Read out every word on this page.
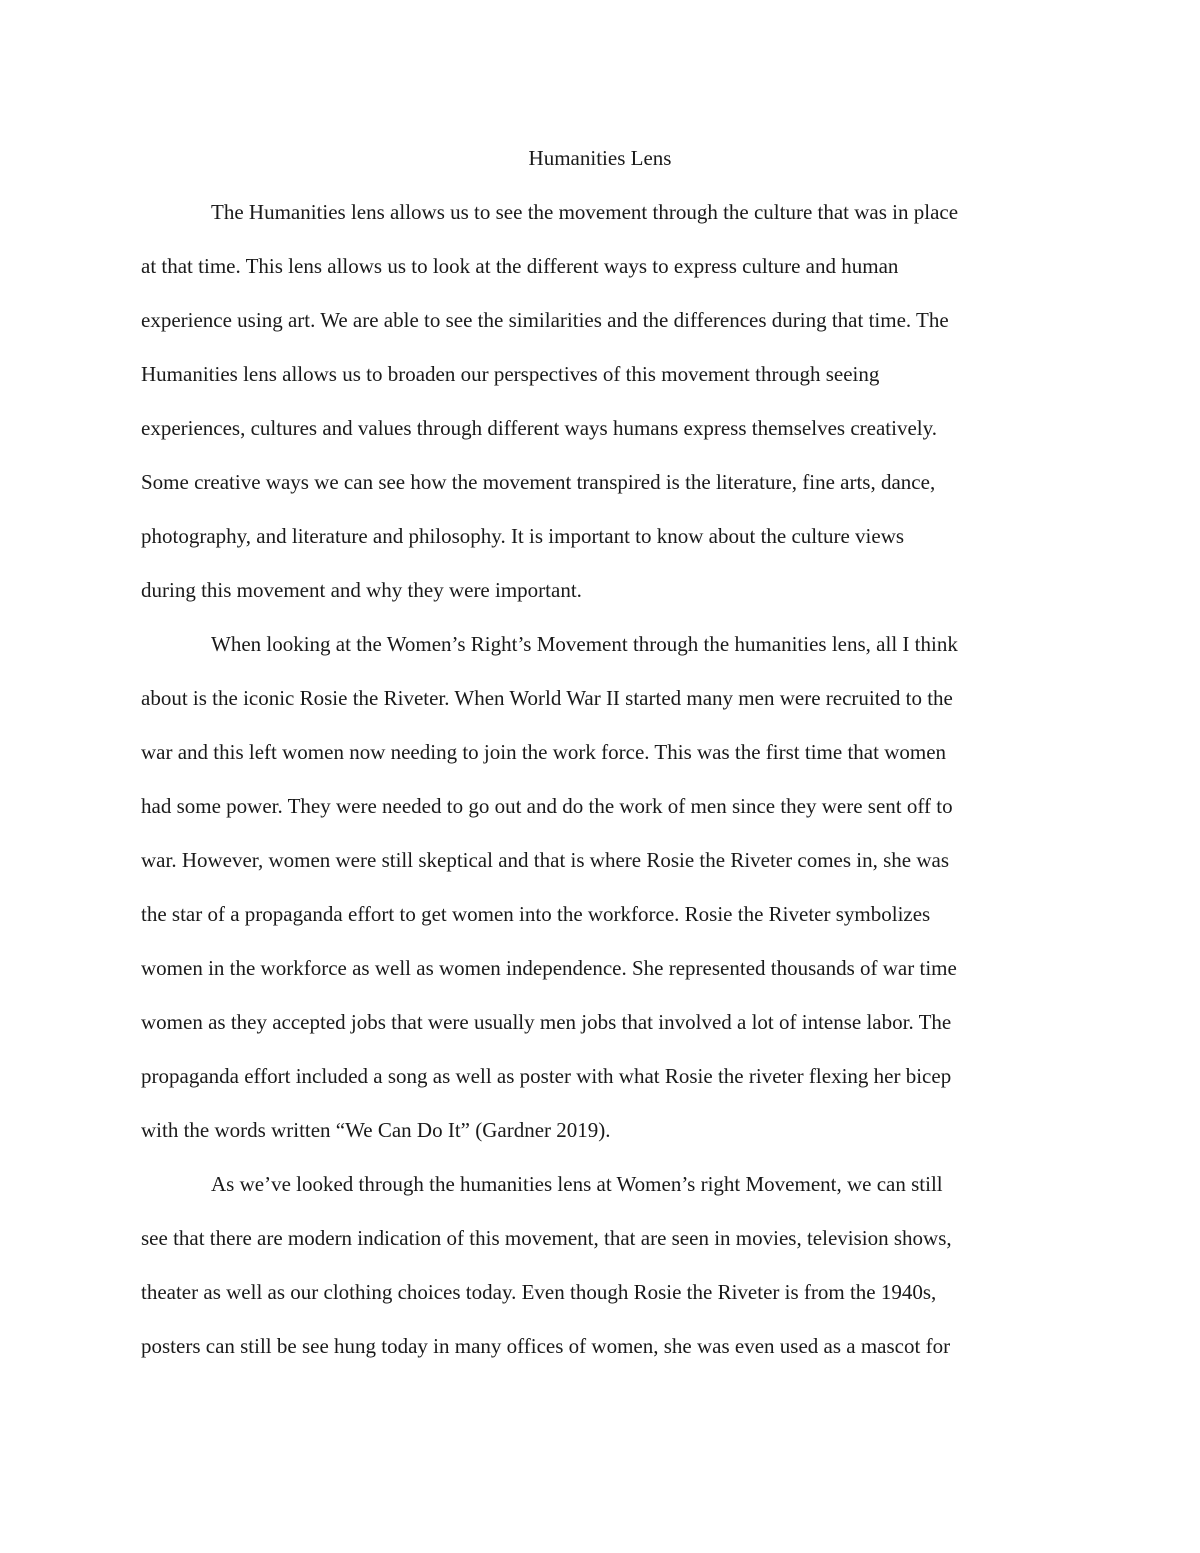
Humanities Lens
The Humanities lens allows us to see the movement through the culture that was in place
at that time. This lens allows us to look at the different ways to express culture and human
experience using art. We are able to see the similarities and the differences during that time. The
Humanities lens allows us to broaden our perspectives of this movement through seeing
experiences, cultures and values through different ways humans express themselves creatively.
Some creative ways we can see how the movement transpired is the literature, fine arts, dance,
photography, and literature and philosophy. It is important to know about the culture views
during this movement and why they were important.
When looking at the Women’s Right’s Movement through the humanities lens, all I think
about is the iconic Rosie the Riveter. When World War II started many men were recruited to the
war and this left women now needing to join the work force. This was the first time that women
had some power. They were needed to go out and do the work of men since they were sent off to
war. However, women were still skeptical and that is where Rosie the Riveter comes in, she was
the star of a propaganda effort to get women into the workforce. Rosie the Riveter symbolizes
women in the workforce as well as women independence. She represented thousands of war time
women as they accepted jobs that were usually men jobs that involved a lot of intense labor. The
propaganda effort included a song as well as poster with what Rosie the riveter flexing her bicep
with the words written “We Can Do It” (Gardner 2019).
As we’ve looked through the humanities lens at Women’s right Movement, we can still
see that there are modern indication of this movement, that are seen in movies, television shows,
theater as well as our clothing choices today. Even though Rosie the Riveter is from the 1940s,
posters can still be see hung today in many offices of women, she was even used as a mascot for
